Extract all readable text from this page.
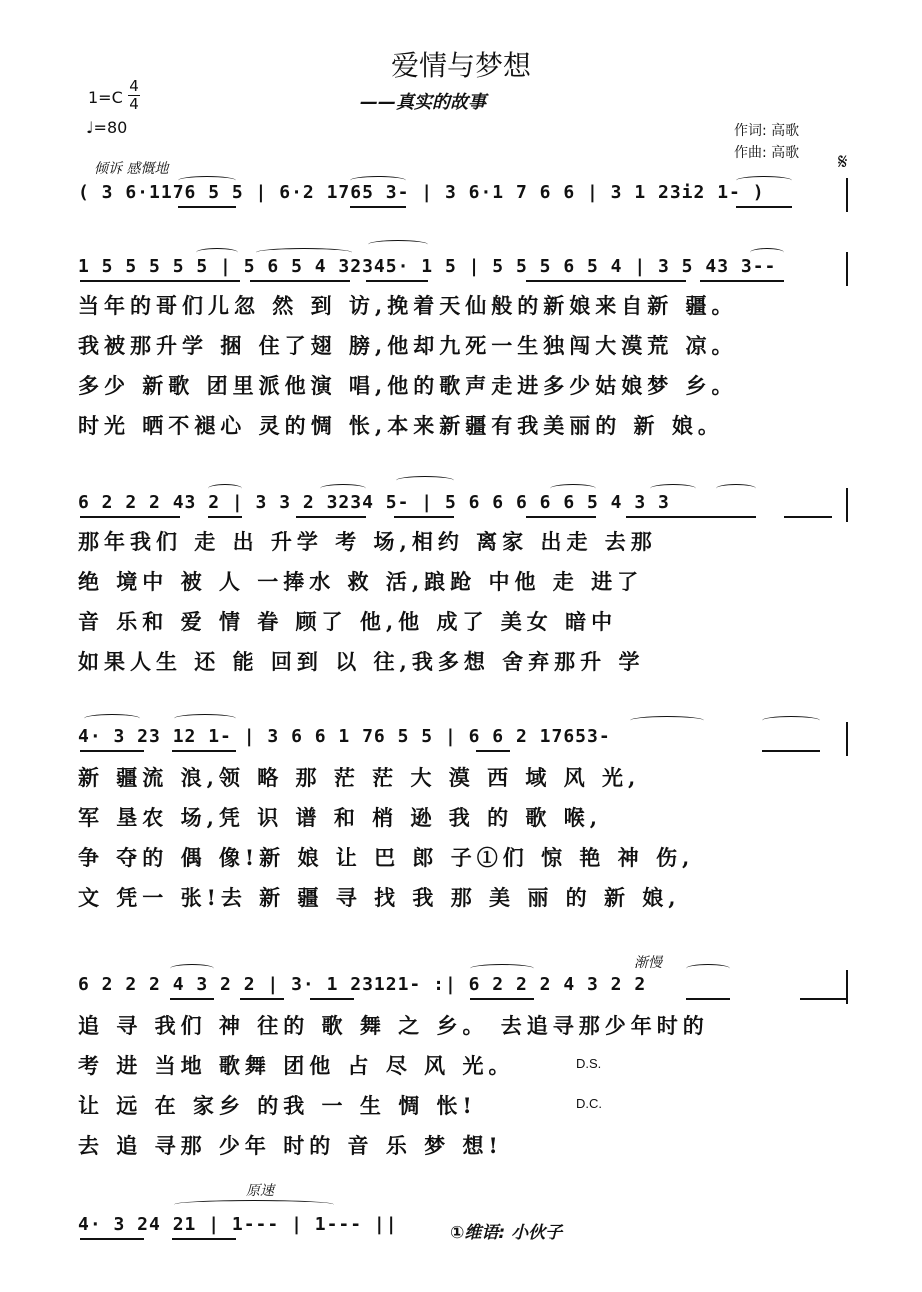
爱情与梦想
——真实的故事
1=C
4
4
♩=80	作词: 高歌
作曲: 高歌
倾诉 感慨地	𝄋
( 3 6·1176 5 5 | 6·2 1765 3- | 3 6·1 7 6 6 | 3 1 23i2 1- )
1 5 5 5 5 5 | 5 6 5 4 32345· 1 5 | 5 5 5 6 5 4 | 3 5 43 3--
当年的哥们儿忽 然 到 访,挽着天仙般的新娘来自新 疆。
我被那升学 捆 住了翅 膀,他却九死一生独闯大漠荒 凉。
多少 新歌 团里派他演 唱,他的歌声走进多少姑娘梦 乡。
时光 晒不褪心 灵的惆 怅,本来新疆有我美丽的 新 娘。
6 2 2 2 43 2 | 3 3 2 3234 5- | 5 6 6 6 6 6 5 4 3 3
那年我们 走 出 升学 考 场,相约 离家 出走 去那
绝 境中 被 人 一捧水 救 活,踉跄 中他 走 进了
音 乐和 爱 情 眷 顾了 他,他 成了 美女 暗中
如果人生 还 能 回到 以 往,我多想 舍弃那升 学
4· 3 23 12 1- | 3 6 6 1 76 5 5 | 6 6 2 17653-
新 疆流 浪,领 略 那 茫 茫 大 漠 西 域 风 光,
军 垦农 场,凭 识 谱 和 梢 逊 我 的 歌 喉,
争 夺的 偶 像!新 娘 让 巴 郎 子①们 惊 艳 神 伤,
文 凭一 张!去 新 疆 寻 找 我 那 美 丽 的 新 娘,
渐慢
6 2 2 2 4 3 2 2 | 3· 1 23121- :| 6 2 2 2 4 3 2 2
追 寻 我们 神 往的 歌 舞 之 乡。 去追寻那少年时的
考 进 当地 歌舞 团他 占 尽 风 光。	D.S.
让 远 在 家乡 的我 一 生 惆 怅!	D.C.
去 追 寻那 少年 时的 音 乐 梦 想!
原速
4· 3 24 21 | 1--- | 1--- ||	①维语: 小伙子
